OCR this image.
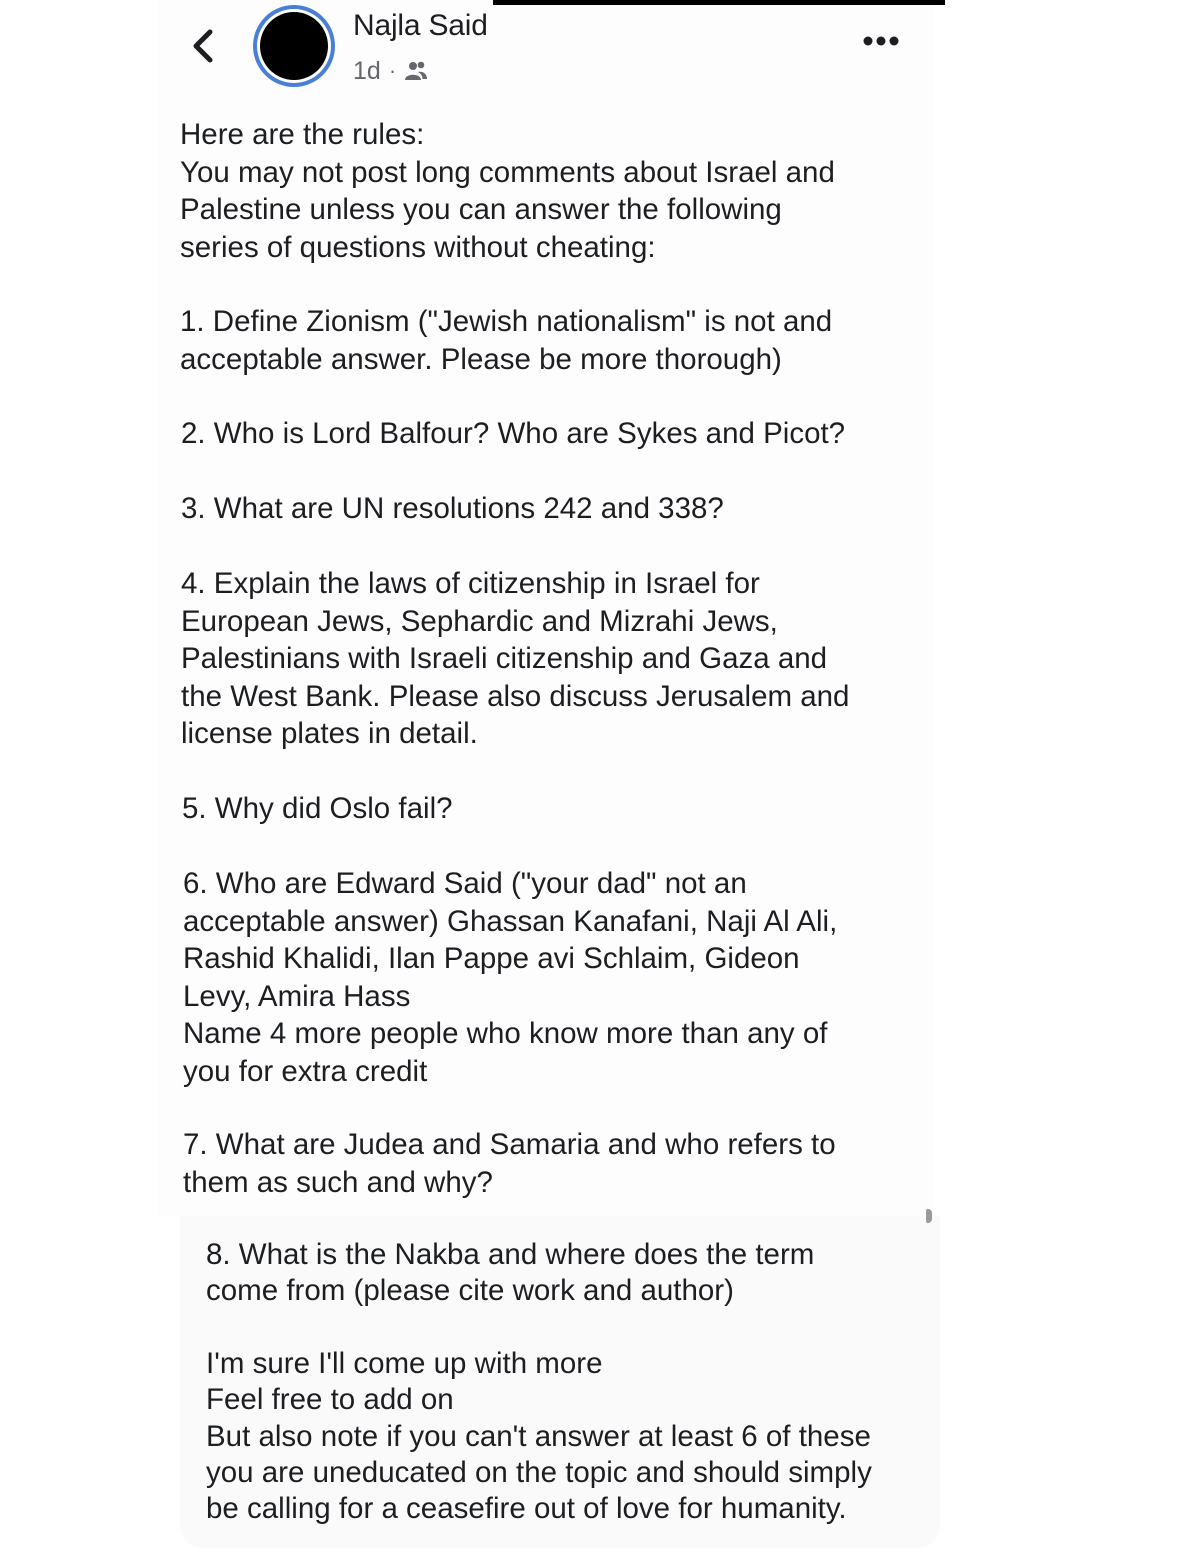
Najla Said
1d ·

Here are the rules:
You may not post long comments about Israel and
Palestine unless you can answer the following
series of questions without cheating:

1. Define Zionism ("Jewish nationalism" is not and
acceptable answer. Please be more thorough)

2. Who is Lord Balfour? Who are Sykes and Picot?

3. What are UN resolutions 242 and 338?

4. Explain the laws of citizenship in Israel for
European Jews, Sephardic and Mizrahi Jews,
Palestinians with Israeli citizenship and Gaza and
the West Bank. Please also discuss Jerusalem and
license plates in detail.

5. Why did Oslo fail?

6. Who are Edward Said ("your dad" not an
acceptable answer) Ghassan Kanafani, Naji Al Ali,
Rashid Khalidi, Ilan Pappe avi Schlaim, Gideon
Levy, Amira Hass
Name 4 more people who know more than any of
you for extra credit

7. What are Judea and Samaria and who refers to
them as such and why?

8. What is the Nakba and where does the term
come from (please cite work and author)

I'm sure I'll come up with more
Feel free to add on
But also note if you can't answer at least 6 of these
you are uneducated on the topic and should simply
be calling for a ceasefire out of love for humanity.
